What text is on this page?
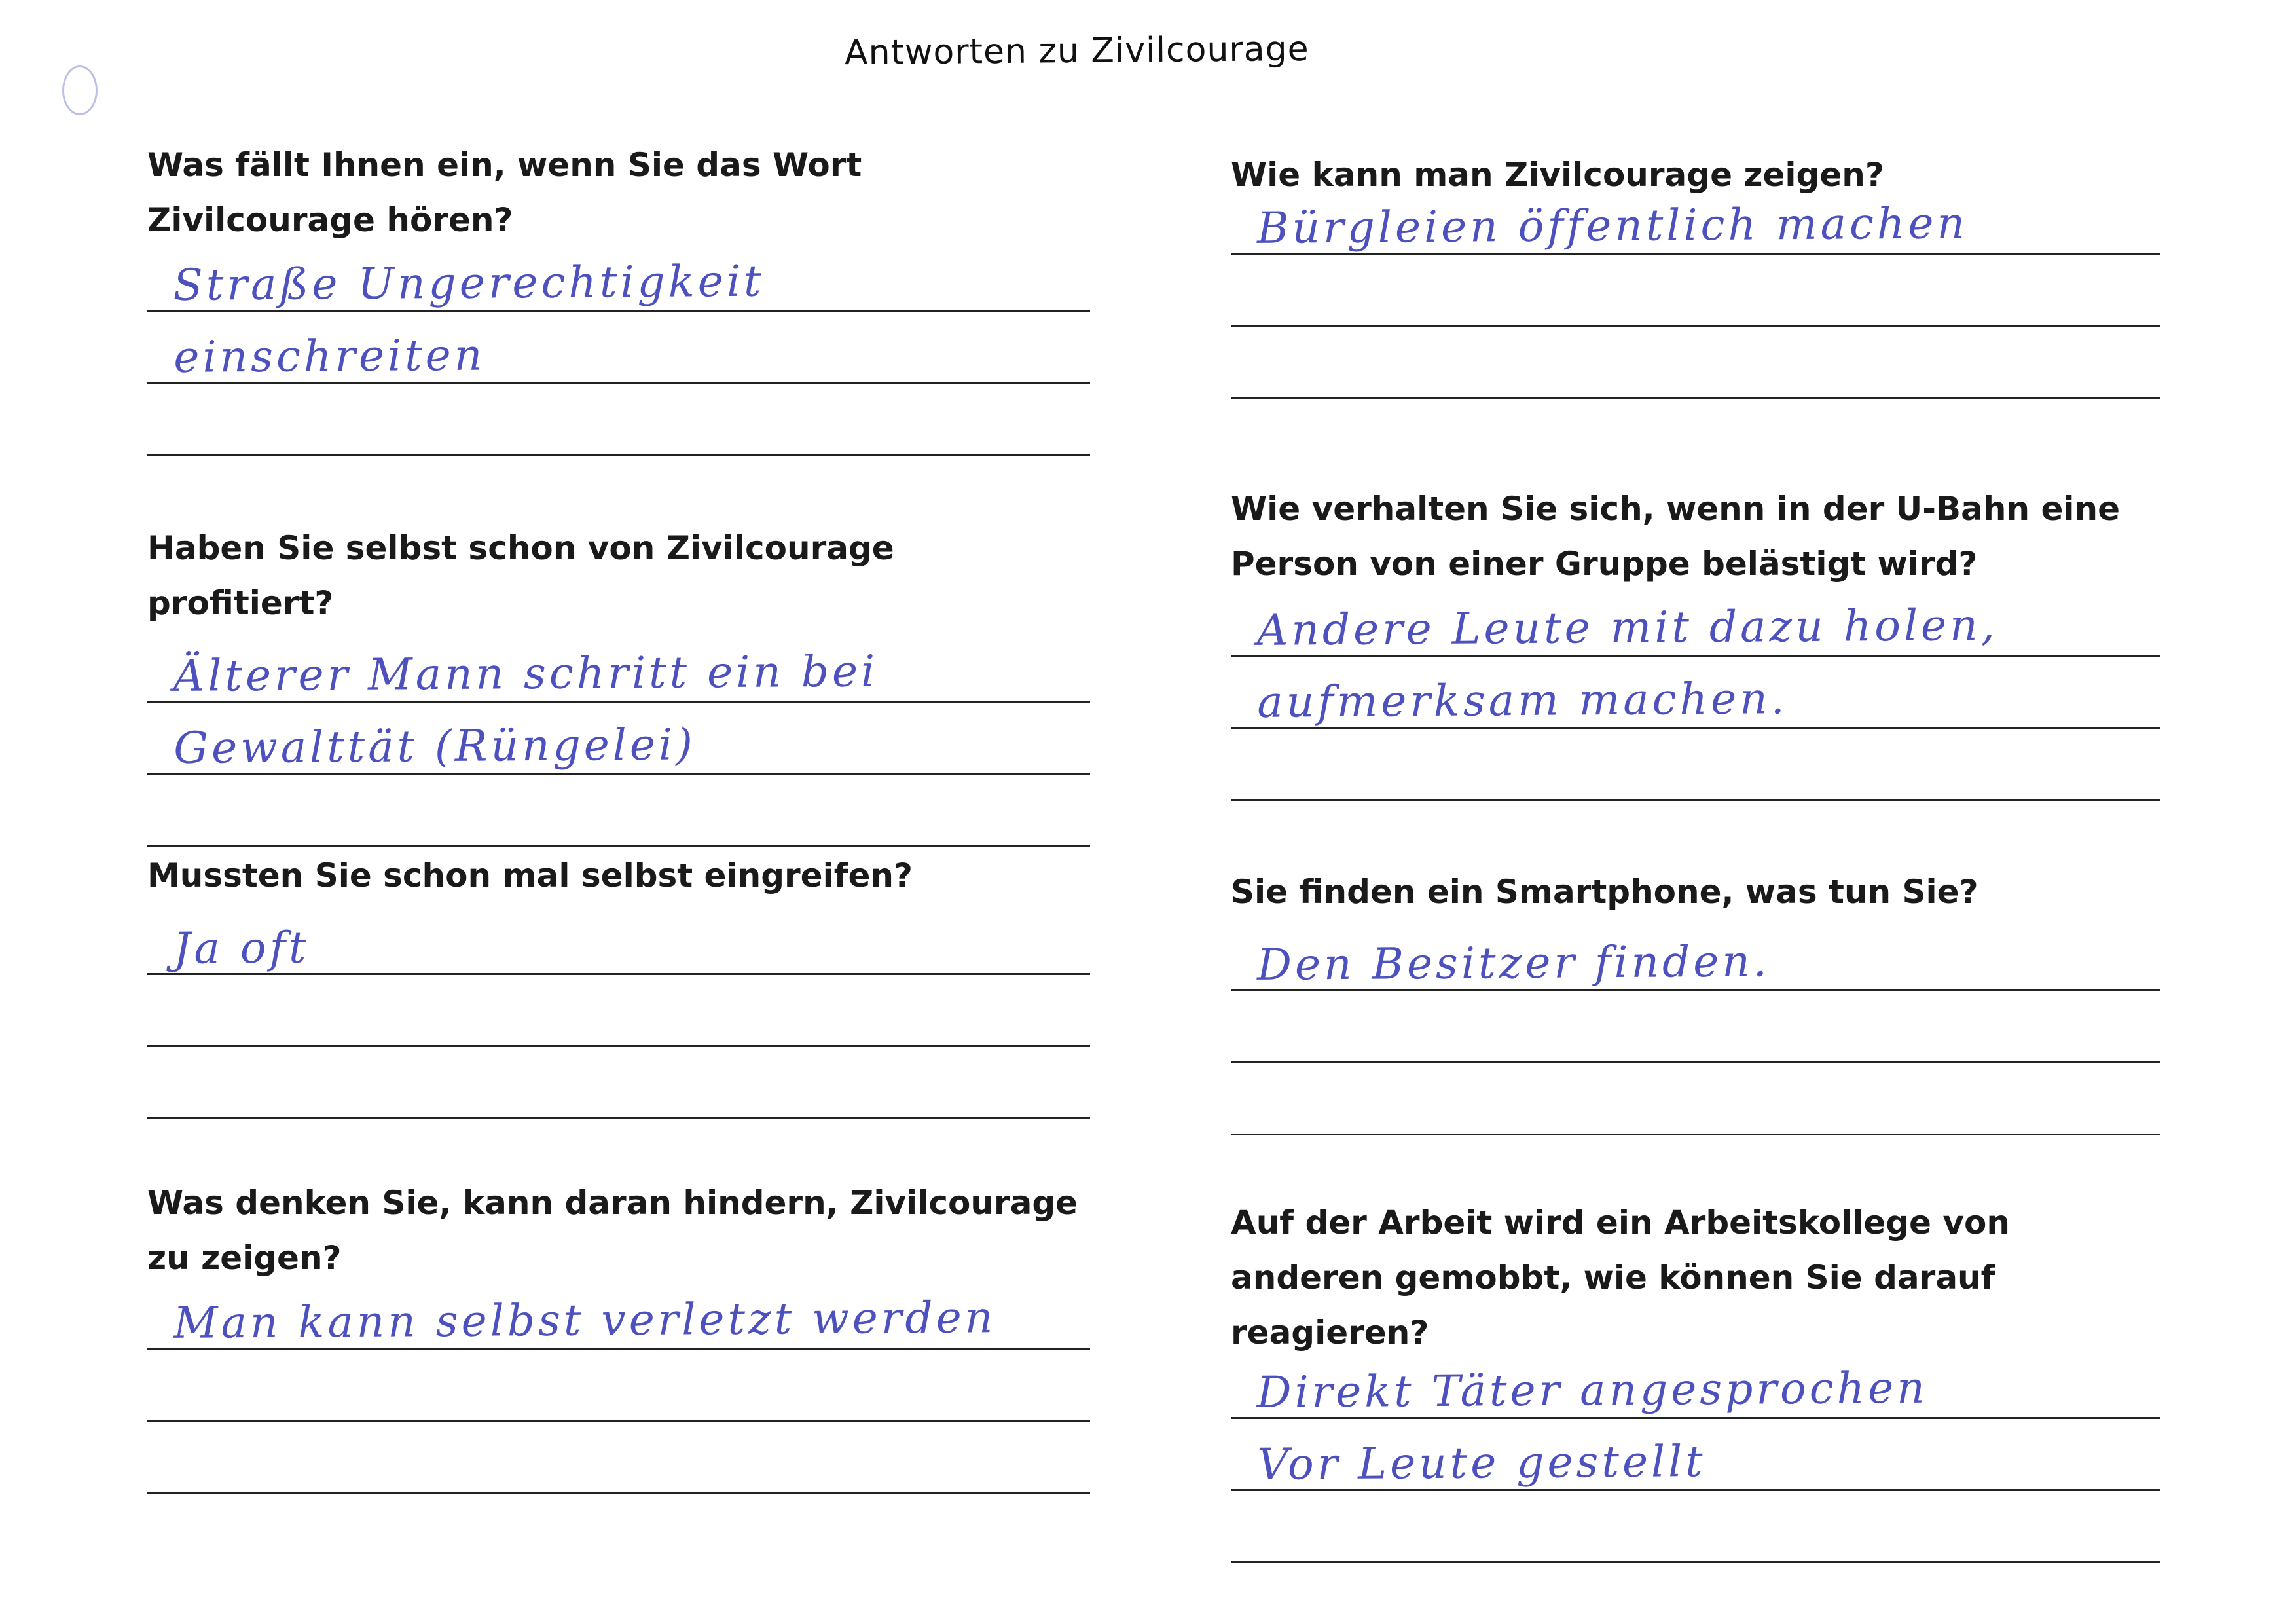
Antworten zu Zivilcourage

Was fällt Ihnen ein, wenn Sie das Wort Zivilcourage hören?

Straße Ungerechtigkeit
einschreiten

Haben Sie selbst schon von Zivilcourage profitiert?

Älterer Mann schritt ein bei
Gewalttät (Rüngelei)

Mussten Sie schon mal selbst eingreifen?

Ja oft

Was denken Sie, kann daran hindern, Zivilcourage zu zeigen?

Man kann selbst verletzt werden

Wie kann man Zivilcourage zeigen?

Bürgleien öffentlich machen

Wie verhalten Sie sich, wenn in der U-Bahn eine Person von einer Gruppe belästigt wird?

Andere Leute mit dazu holen,
aufmerksam machen.

Sie finden ein Smartphone, was tun Sie?

Den Besitzer finden.

Auf der Arbeit wird ein Arbeitskollege von anderen gemobbt, wie können Sie darauf reagieren?

Direkt Täter angesprochen
Vor Leute gestellt
